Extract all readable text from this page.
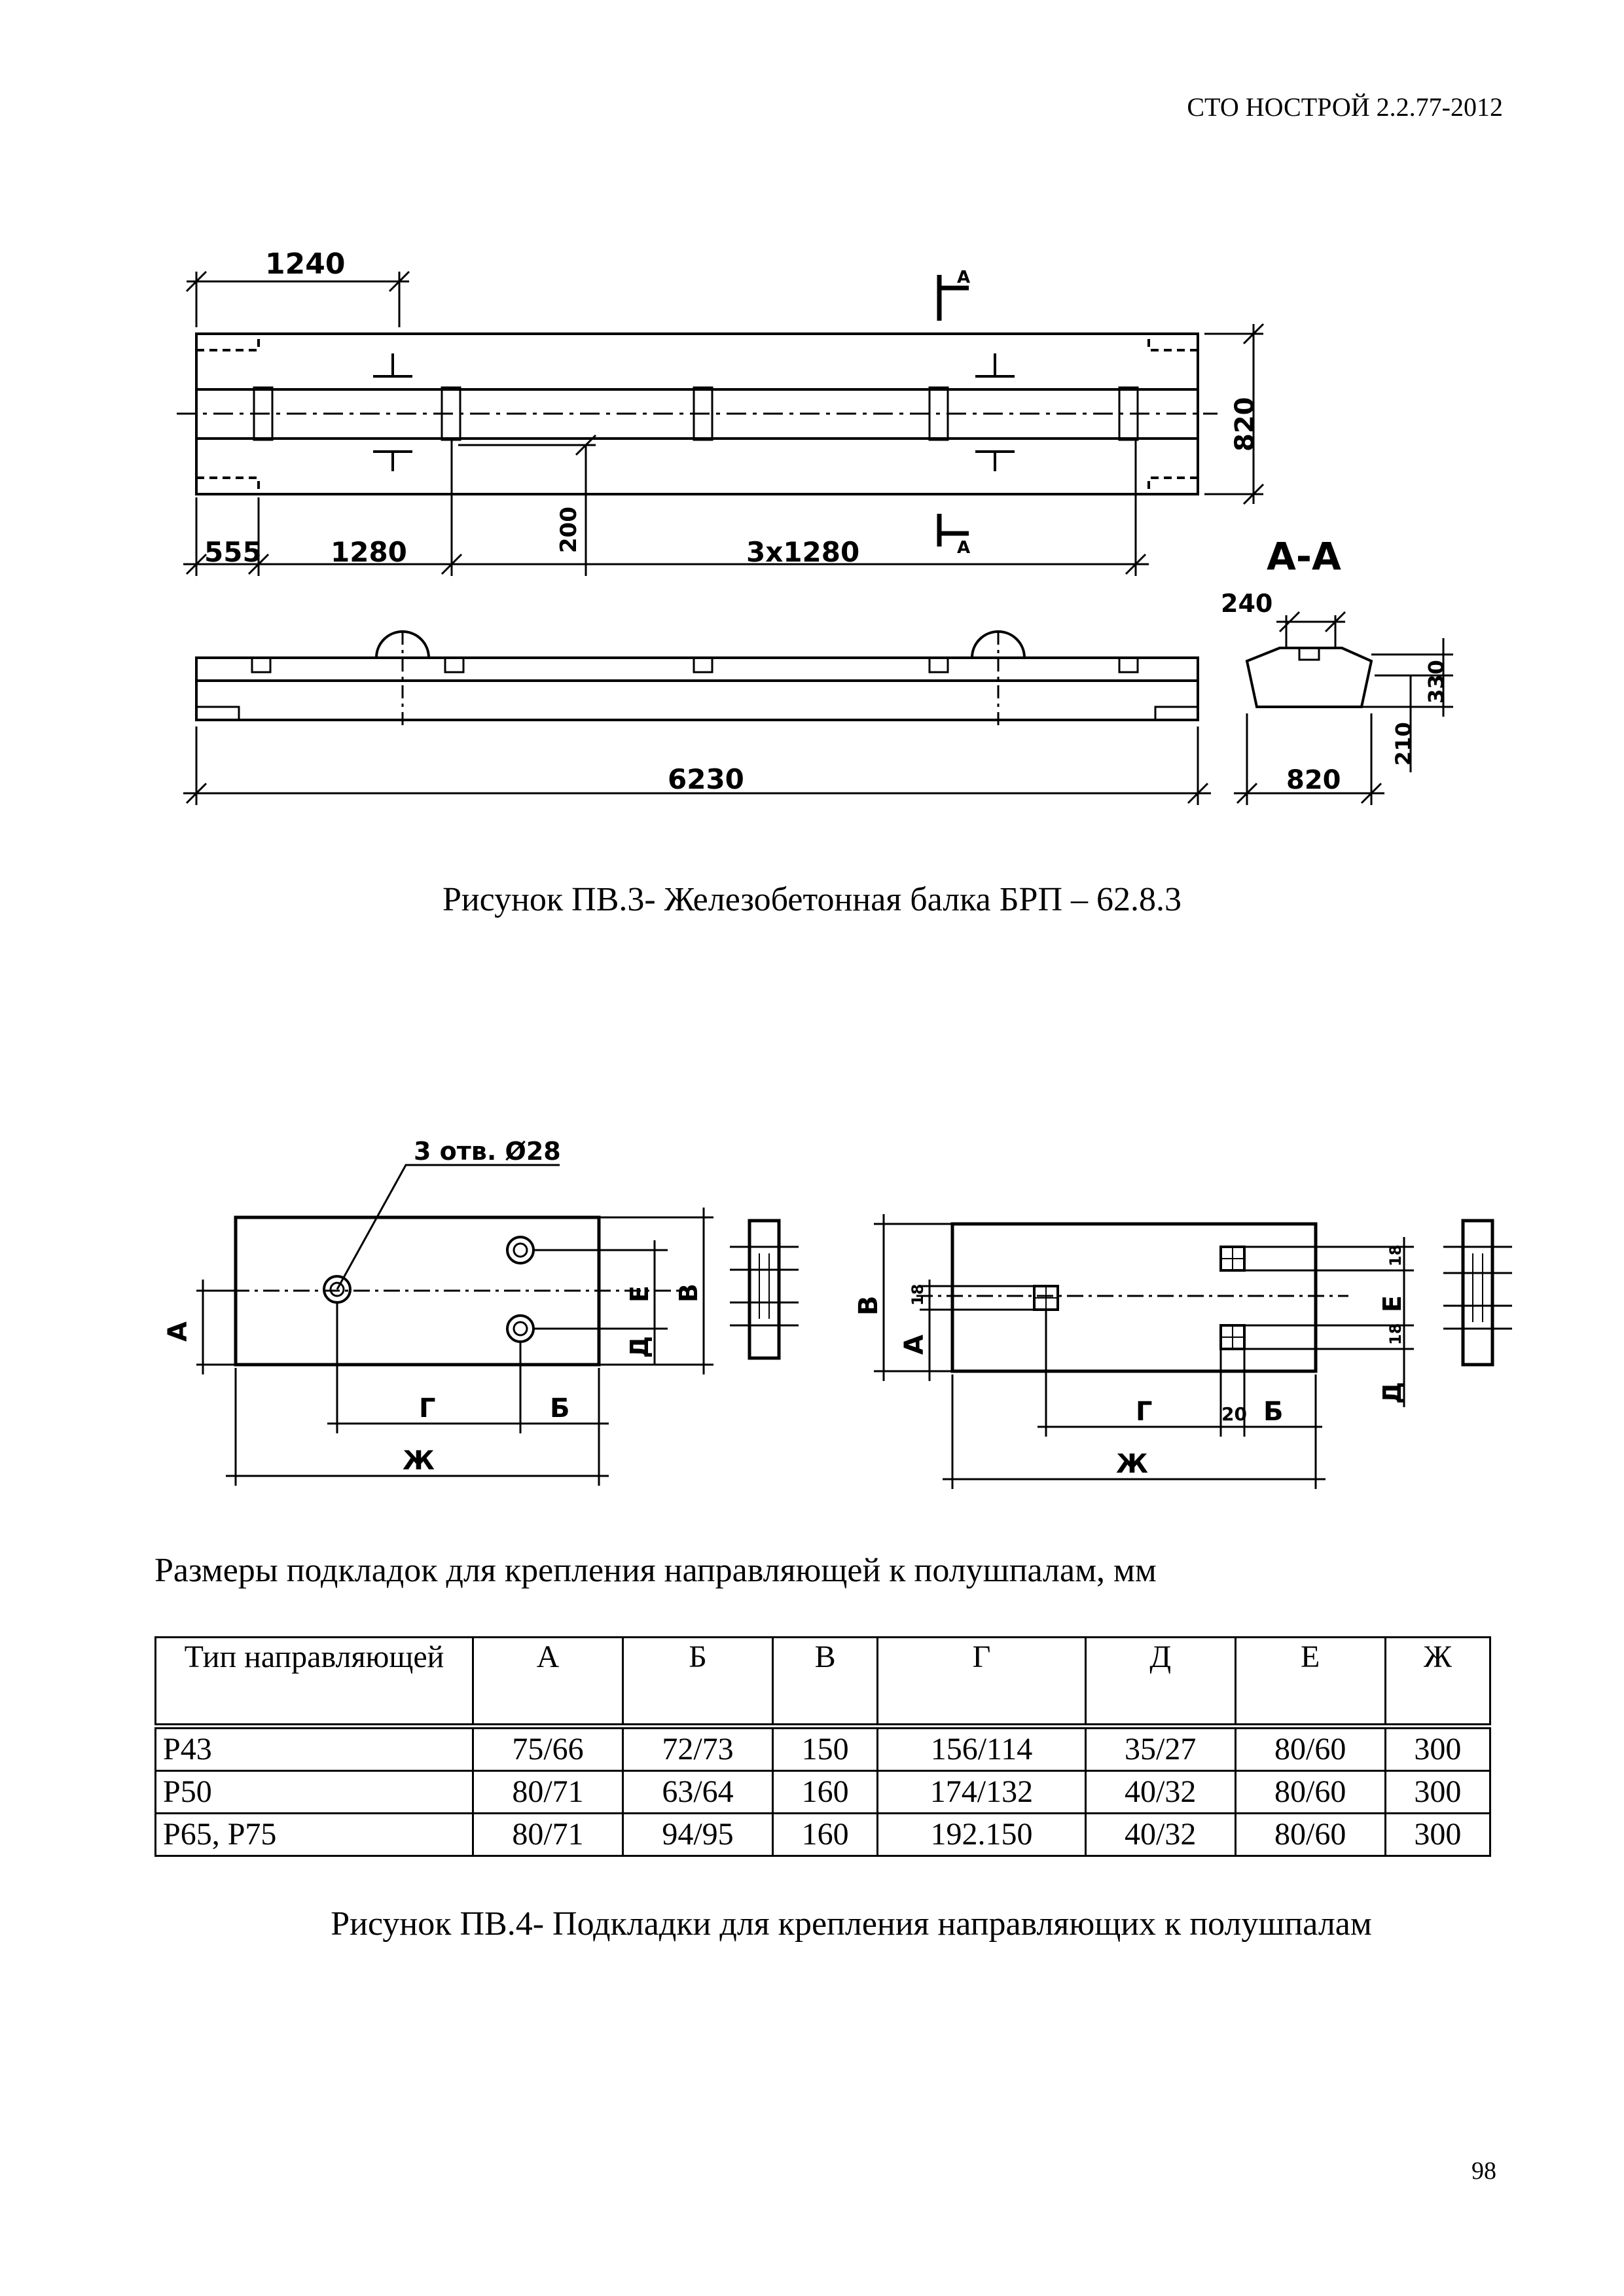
СТО НОСТРОЙ 2.2.77-2012
A
A
1240
820
555	1280	3x1280
200
6230
A-A
240
330
210
820
3 отв. Ø28
А
Е
Д
В
Г	Б
Ж
В
А
18
18
Е
18
Д
Г	20 Б
Ж
Рисунок ПВ.3- Железобетонная балка БРП – 62.8.3
Размеры подкладок для крепления направляющей к полушпалам, мм
Тип направляющей	А	Б	В	Г	Д	Е	Ж
Р43	75/66	72/73	150	156/114	35/27	80/60	300
Р50	80/71	63/64	160	174/132	40/32	80/60	300
Р65, Р75	80/71	94/95	160	192.150	40/32	80/60	300
Рисунок ПВ.4- Подкладки для крепления направляющих к полушпалам
98
